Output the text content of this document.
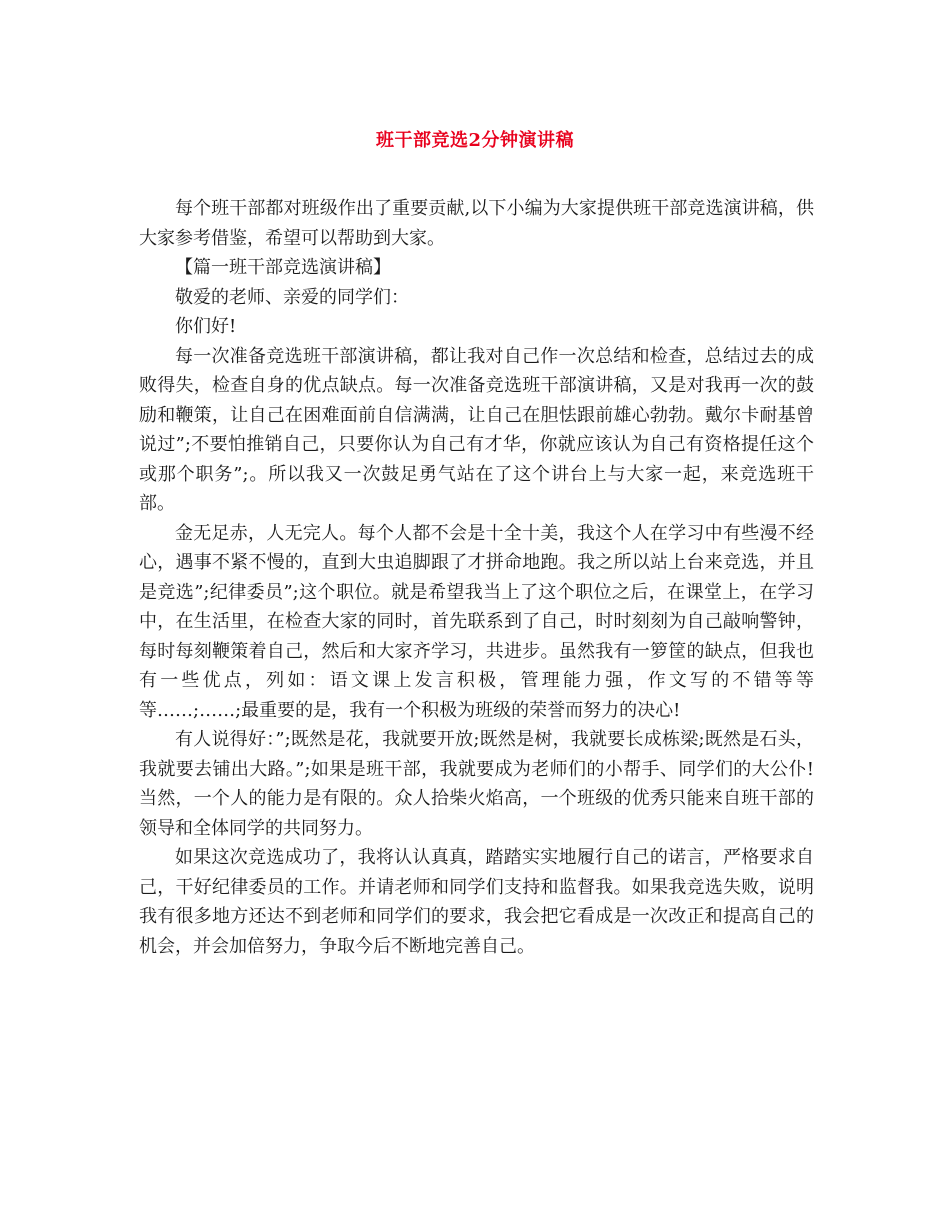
班干部竞选2分钟演讲稿

每个班干部都对班级作出了重要贡献,以下小编为大家提供班干部竞选演讲稿，供大家参考借鉴，希望可以帮助到大家。

【篇一班干部竞选演讲稿】

敬爱的老师、亲爱的同学们：

你们好!

每一次准备竞选班干部演讲稿，都让我对自己作一次总结和检查，总结过去的成败得失，检查自身的优点缺点。每一次准备竞选班干部演讲稿，又是对我再一次的鼓励和鞭策，让自己在困难面前自信满满，让自己在胆怯跟前雄心勃勃。戴尔卡耐基曾说过”;不要怕推销自己，只要你认为自己有才华，你就应该认为自己有资格提任这个或那个职务”;。所以我又一次鼓足勇气站在了这个讲台上与大家一起，来竞选班干部。

金无足赤，人无完人。每个人都不会是十全十美，我这个人在学习中有些漫不经心，遇事不紧不慢的，直到大虫追脚跟了才拼命地跑。我之所以站上台来竞选，并且是竞选”;纪律委员”;这个职位。就是希望我当上了这个职位之后，在课堂上，在学习中，在生活里，在检查大家的同时，首先联系到了自己，时时刻刻为自己敲响警钟，每时每刻鞭策着自己，然后和大家齐学习，共进步。虽然我有一箩筐的缺点，但我也有一些优点，列如：语文课上发言积极，管理能力强，作文写的不错等等等……;……;最重要的是，我有一个积极为班级的荣誉而努力的决心!

有人说得好：”;既然是花，我就要开放;既然是树，我就要长成栋梁;既然是石头，我就要去铺出大路。”;如果是班干部，我就要成为老师们的小帮手、同学们的大公仆!当然，一个人的能力是有限的。众人拾柴火焰高，一个班级的优秀只能来自班干部的领导和全体同学的共同努力。

如果这次竞选成功了，我将认认真真，踏踏实实地履行自己的诺言，严格要求自己，干好纪律委员的工作。并请老师和同学们支持和监督我。如果我竞选失败，说明我有很多地方还达不到老师和同学们的要求，我会把它看成是一次改正和提高自己的机会，并会加倍努力，争取今后不断地完善自己。
